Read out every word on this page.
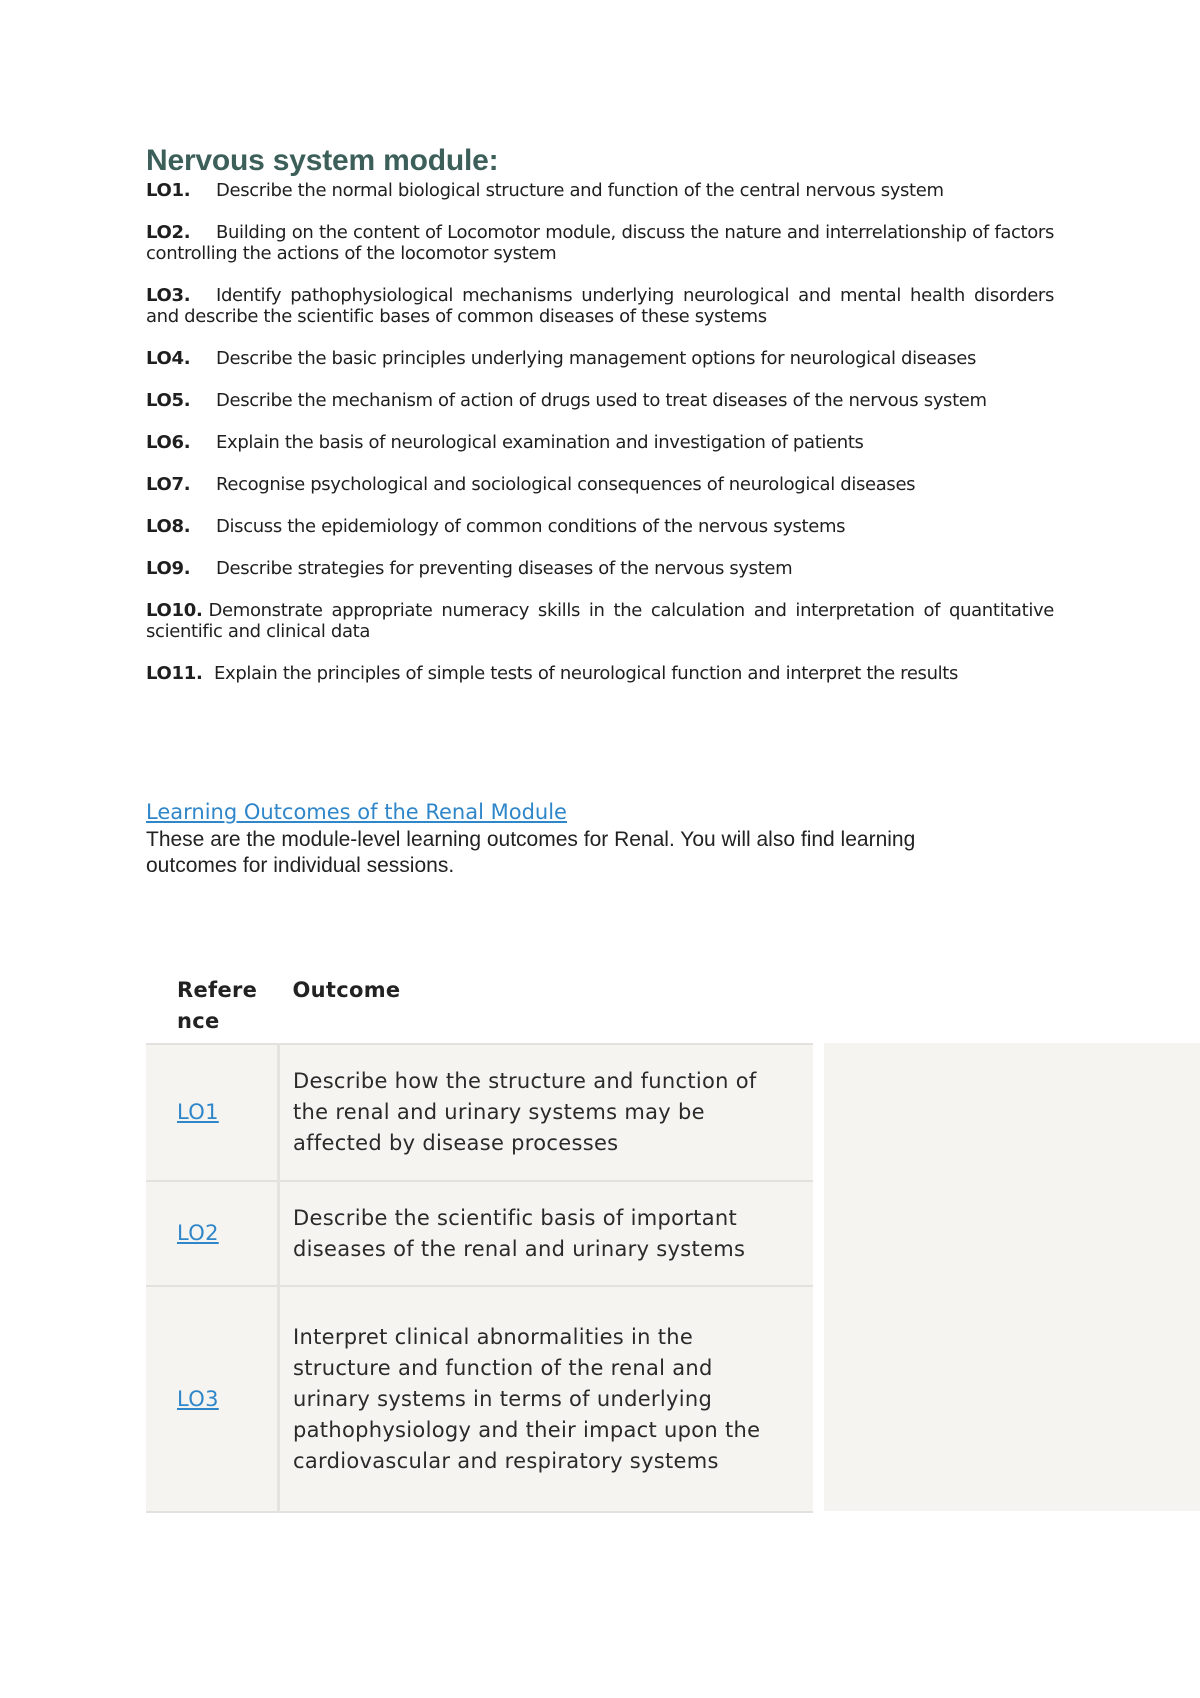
Nervous system module:
LO1. Describe the normal biological structure and function of the central nervous system
LO2. Building on the content of Locomotor module, discuss the nature and interrelationship of factors controlling the actions of the locomotor system
LO3. Identify pathophysiological mechanisms underlying neurological and mental health disorders and describe the scientific bases of common diseases of these systems
LO4. Describe the basic principles underlying management options for neurological diseases
LO5. Describe the mechanism of action of drugs used to treat diseases of the nervous system
LO6. Explain the basis of neurological examination and investigation of patients
LO7. Recognise psychological and sociological consequences of neurological diseases
LO8. Discuss the epidemiology of common conditions of the nervous systems
LO9. Describe strategies for preventing diseases of the nervous system
LO10. Demonstrate appropriate numeracy skills in the calculation and interpretation of quantitative scientific and clinical data
LO11. Explain the principles of simple tests of neurological function and interpret the results
Learning Outcomes of the Renal Module

These are the module-level learning outcomes for Renal. You will also find learning outcomes for individual sessions.

Reference	Outcome
LO1	Describe how the structure and function of the renal and urinary systems may be affected by disease processes
LO2	Describe the scientific basis of important diseases of the renal and urinary systems
LO3	Interpret clinical abnormalities in the structure and function of the renal and urinary systems in terms of underlying pathophysiology and their impact upon the cardiovascular and respiratory systems
